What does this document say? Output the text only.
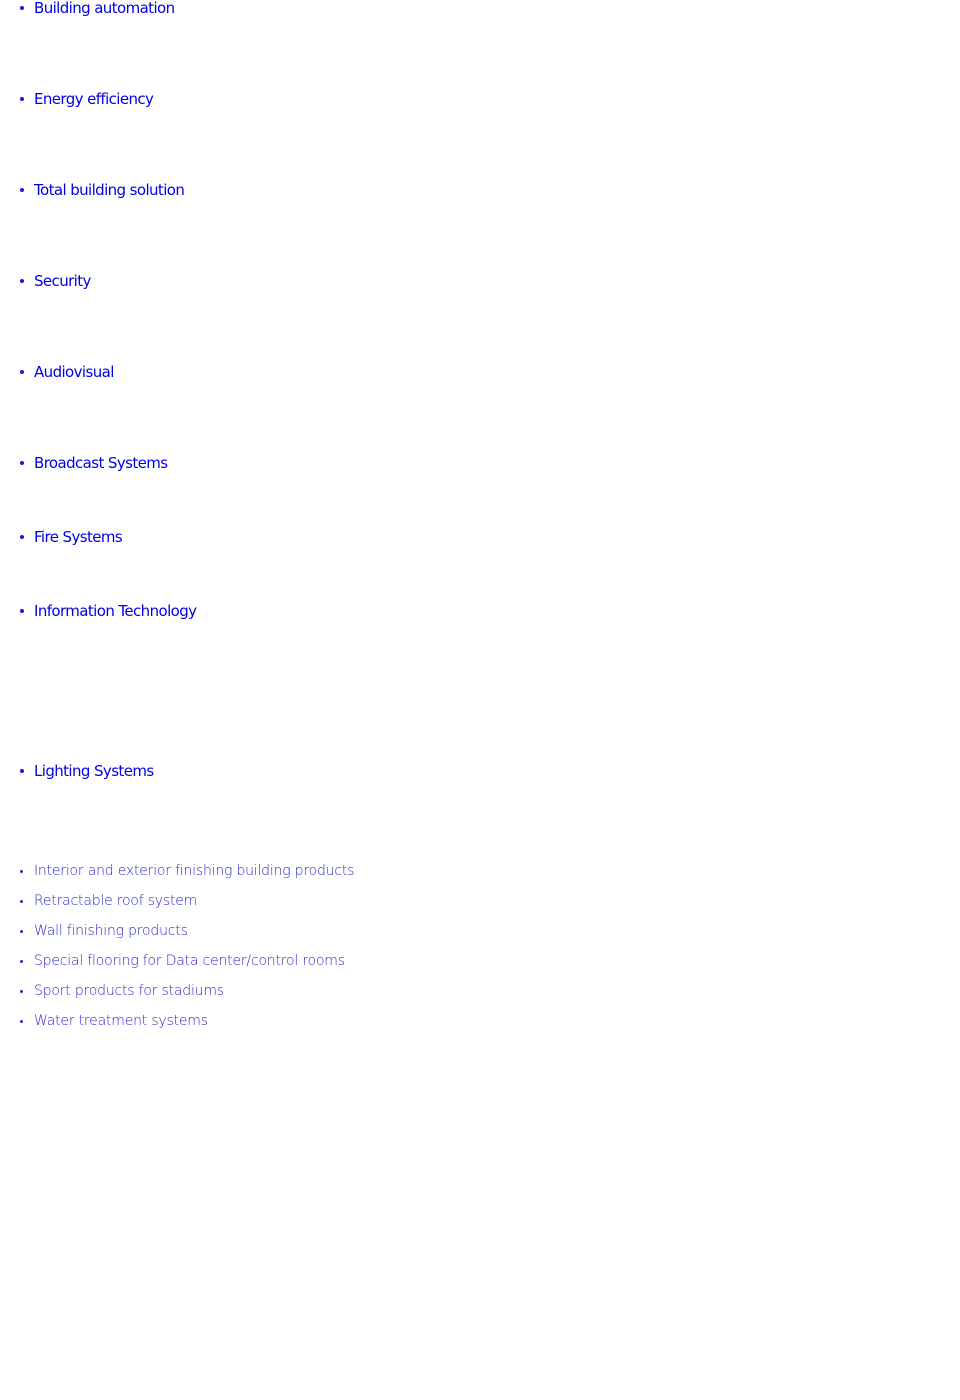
Building automation
Energy efficiency
Total building solution
Security
Audiovisual
Broadcast Systems
Fire Systems
Information Technology
Lighting Systems
Interior and exterior finishing building products
Retractable roof system
Wall finishing products
Special flooring for Data center/control rooms
Sport products for stadiums
Water treatment systems
